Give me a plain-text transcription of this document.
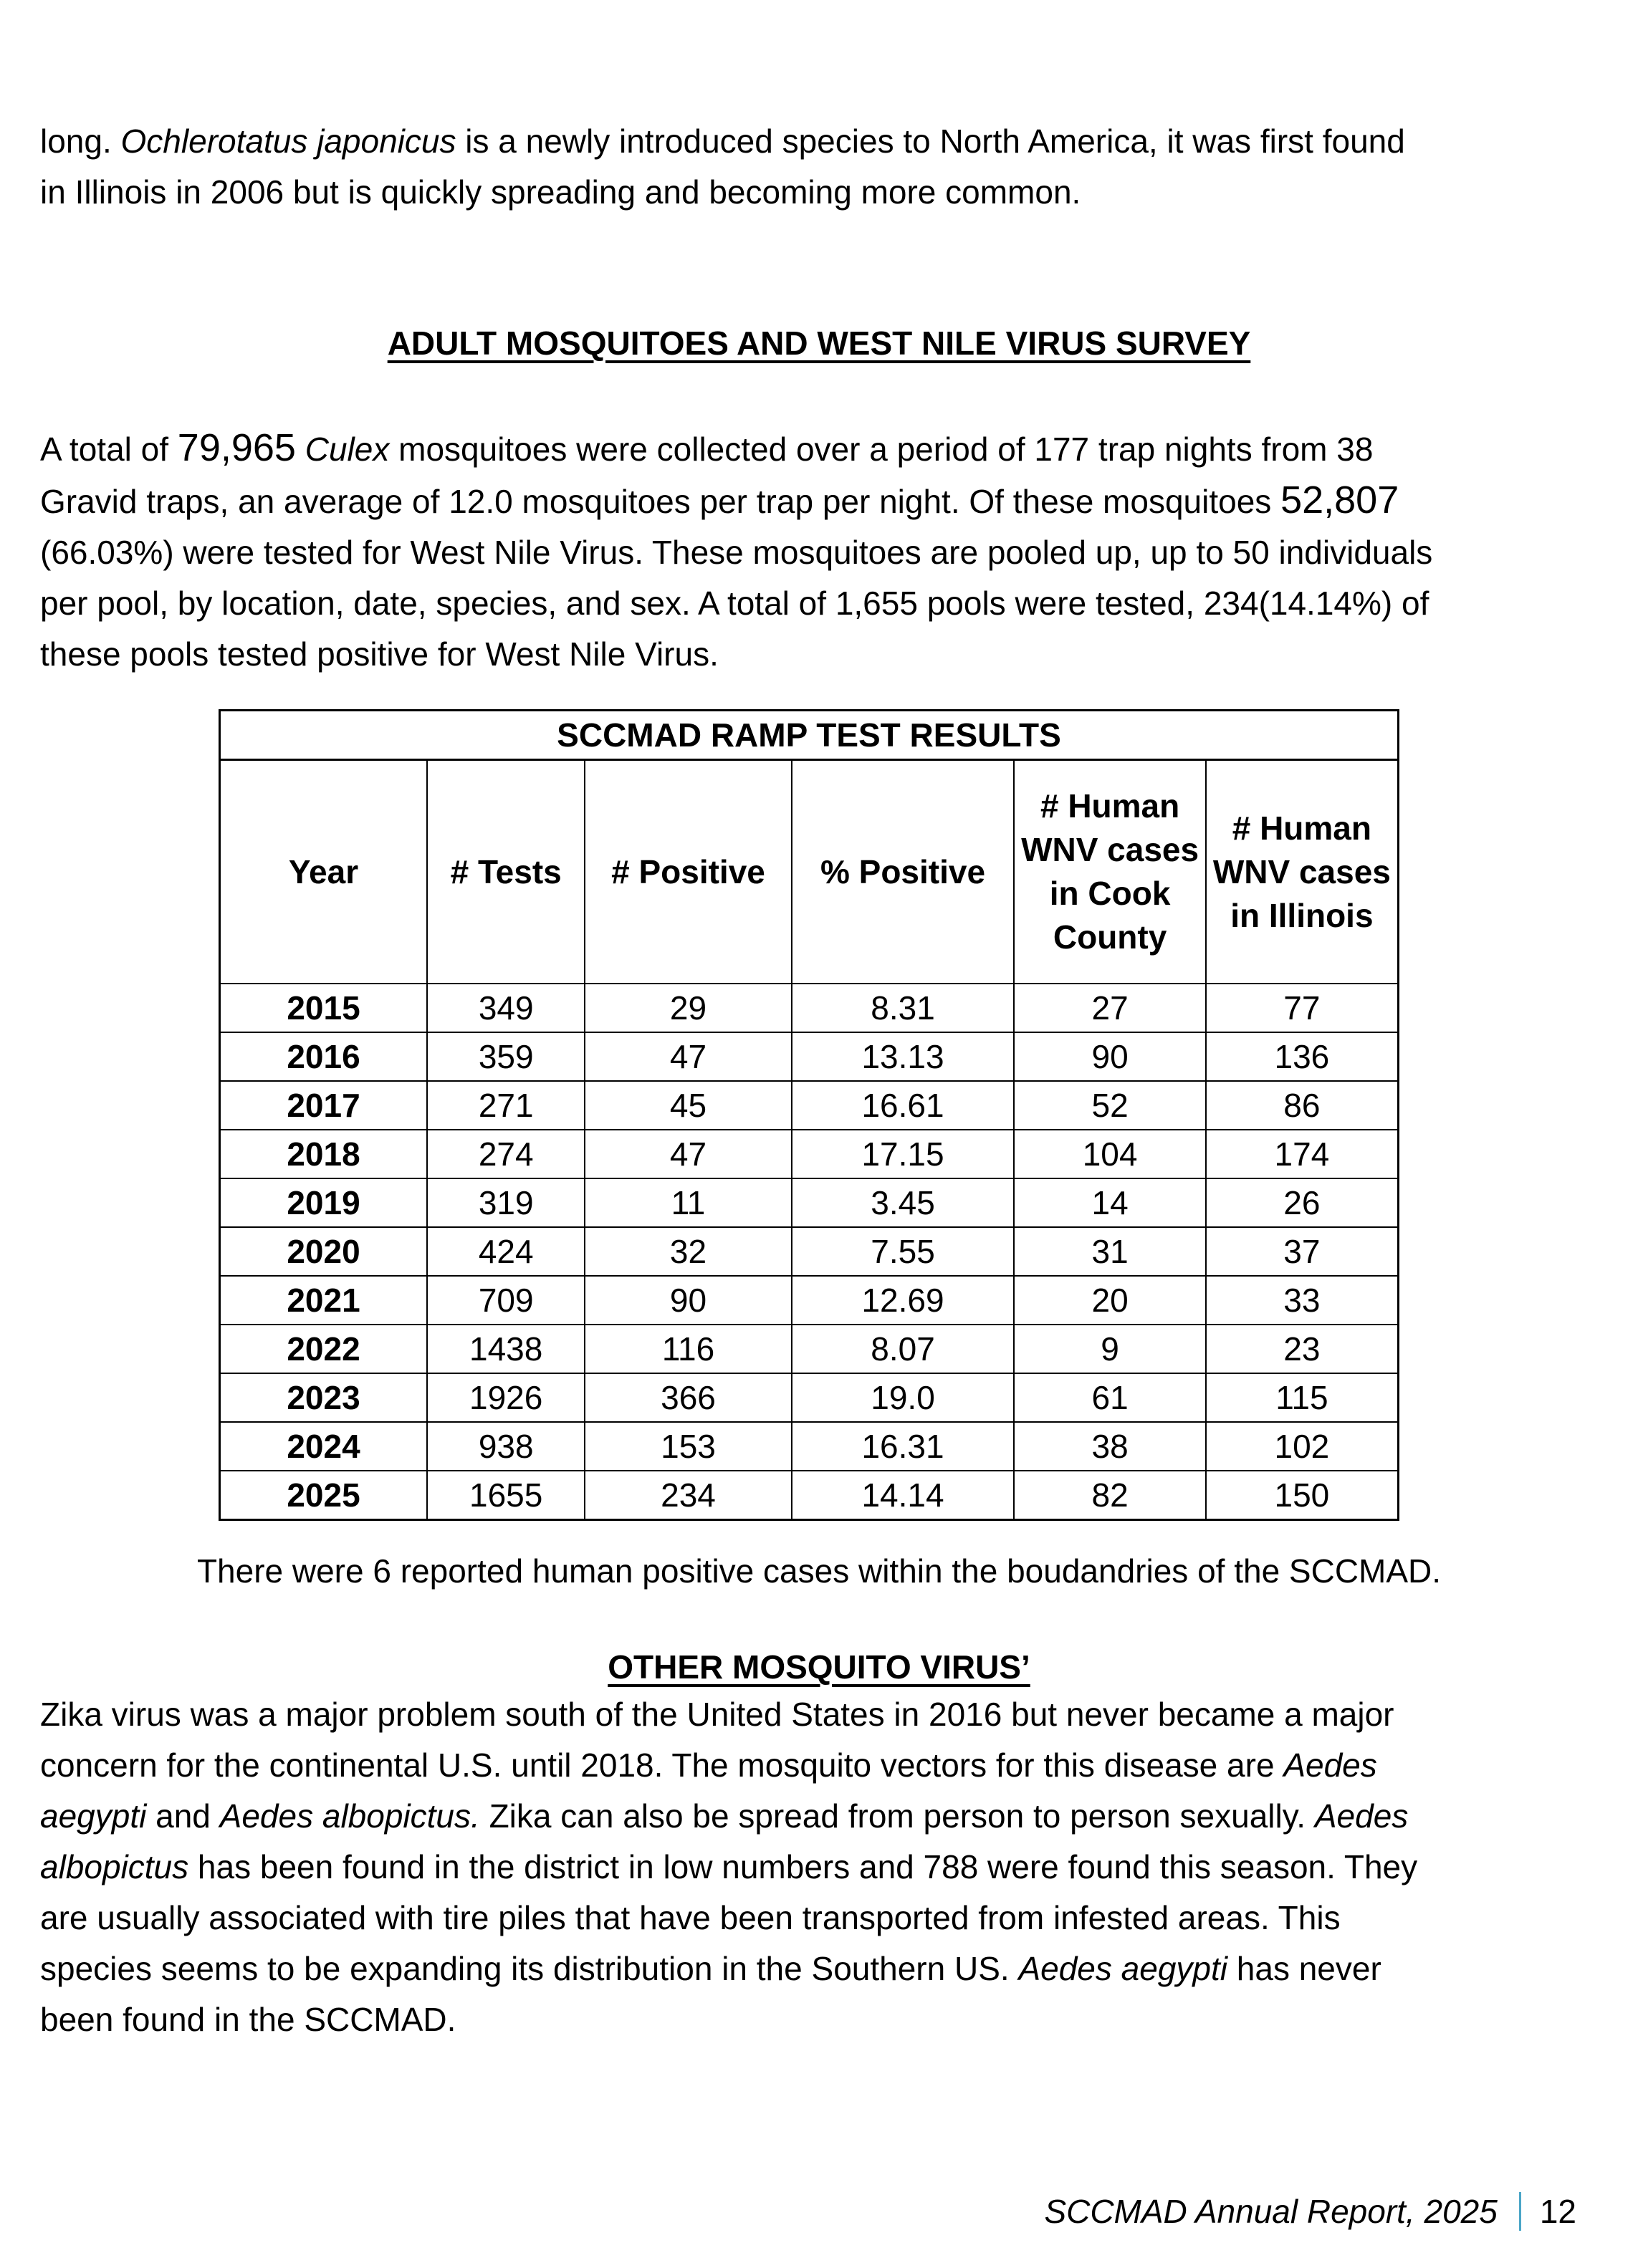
long. Ochlerotatus japonicus is a newly introduced species to North America, it was first found
in Illinois in 2006 but is quickly spreading and becoming more common.

ADULT MOSQUITOES AND WEST NILE VIRUS SURVEY

A total of 79,965 Culex mosquitoes were collected over a period of 177 trap nights from 38
Gravid traps, an average of 12.0 mosquitoes per trap per night. Of these mosquitoes 52,807
(66.03%) were tested for West Nile Virus. These mosquitoes are pooled up, up to 50 individuals
per pool, by location, date, species, and sex. A total of 1,655 pools were tested, 234(14.14%) of
these pools tested positive for West Nile Virus.

SCCMAD RAMP TEST RESULTS					
Year	# Tests	# Positive	% Positive	# Human WNV cases in Cook County	# Human WNV cases in Illinois
2015	349	29	8.31	27	77
2016	359	47	13.13	90	136
2017	271	45	16.61	52	86
2018	274	47	17.15	104	174
2019	319	11	3.45	14	26
2020	424	32	7.55	31	37
2021	709	90	12.69	20	33
2022	1438	116	8.07	9	23
2023	1926	366	19.0	61	115
2024	938	153	16.31	38	102
2025	1655	234	14.14	82	150

There were 6 reported human positive cases within the boudandries of the SCCMAD.

OTHER MOSQUITO VIRUS’

Zika virus was a major problem south of the United States in 2016 but never became a major
concern for the continental U.S. until 2018. The mosquito vectors for this disease are Aedes
aegypti and Aedes albopictus. Zika can also be spread from person to person sexually. Aedes
albopictus has been found in the district in low numbers and 788 were found this season. They
are usually associated with tire piles that have been transported from infested areas. This
species seems to be expanding its distribution in the Southern US. Aedes aegypti has never
been found in the SCCMAD.

SCCMAD Annual Report, 2025 12
